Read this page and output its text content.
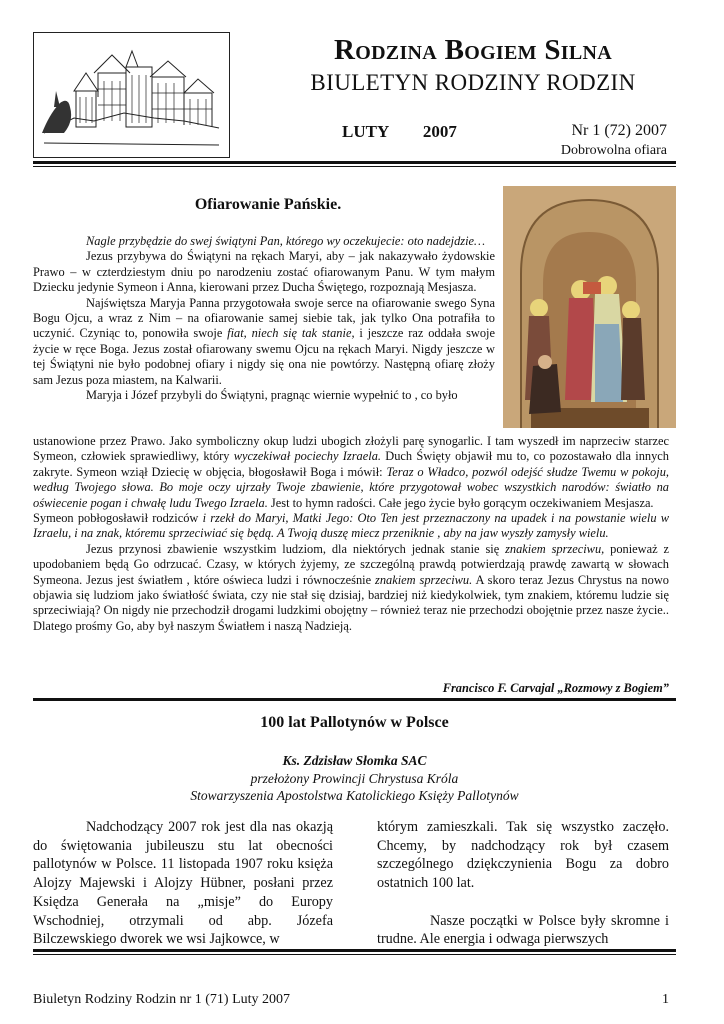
Rodzina Bogiem Silna
BIULETYN RODZINY RODZIN
LUTY 2007	Nr 1 (72) 2007
Dobrowolna ofiara
Ofiarowanie Pańskie.

Nagle przybędzie do swej świątyni Pan, którego wy oczekujecie: oto nadejdzie…

Jezus przybywa do Świątyni na rękach Maryi, aby – jak nakazywało żydowskie Prawo – w czterdziestym dniu po narodzeniu zostać ofiarowanym Panu. W tym małym Dziecku jedynie Symeon i Anna, kierowani przez Ducha Świętego, rozpoznają Mesjasza.

Najświętsza Maryja Panna przygotowała swoje serce na ofiarowanie swego Syna Bogu Ojcu, a wraz z Nim – na ofiarowanie samej siebie tak, jak tylko Ona potrafiła to uczynić. Czyniąc to, ponowiła swoje fiat, niech się tak stanie, i jeszcze raz oddała swoje życie w ręce Boga. Jezus został ofiarowany swemu Ojcu na rękach Maryi. Nigdy jeszcze w tej Świątyni nie było podobnej ofiary i nigdy się ona nie powtórzy. Następną ofiarę złoży sam Jezus poza miastem, na Kalwarii.

Maryja i Józef przybyli do Świątyni, pragnąc wiernie wypełnić to , co było

ustanowione przez Prawo. Jako symboliczny okup ludzi ubogich złożyli parę synogarlic. I tam wyszedł im naprzeciw starzec Symeon, człowiek sprawiedliwy, który wyczekiwał pociechy Izraela. Duch Święty objawił mu to, co pozostawało dla innych zakryte. Symeon wziął Dziecię w objęcia, błogosławił Boga i mówił: Teraz o Władco, pozwól odejść słudze Twemu w pokoju, według Twojego słowa. Bo moje oczy ujrzały Twoje zbawienie, które przygotował wobec wszystkich narodów: światło na oświecenie pogan i chwałę ludu Twego Izraela. Jest to hymn radości. Całe jego życie było gorącym oczekiwaniem Mesjasza.

Symeon pobłogosławił rodziców i rzekł do Maryi, Matki Jego: Oto Ten jest przeznaczony na upadek i na powstanie wielu w Izraelu, i na znak, któremu sprzeciwiać się będą. A Twoją duszę miecz przeniknie , aby na jaw wyszły zamysły wielu.

Jezus przynosi zbawienie wszystkim ludziom, dla niektórych jednak stanie się znakiem sprzeciwu, ponieważ z upodobaniem będą Go odrzucać. Czasy, w których żyjemy, ze szczególną prawdą potwierdzają prawdę zawartą w słowach Symeona. Jezus jest światłem , które oświeca ludzi i równocześnie znakiem sprzeciwu. A skoro teraz Jezus Chrystus na nowo objawia się ludziom jako światłość świata, czy nie stał się dzisiaj, bardziej niż kiedykolwiek, tym znakiem, któremu ludzie się sprzeciwiają? On nigdy nie przechodził drogami ludzkimi obojętny – również teraz nie przechodzi obojętnie przez nasze życie.. Dlatego prośmy Go, aby był naszym Światłem i naszą Nadzieją.

Francisco F. Carvajal „Rozmowy z Bogiem”
100 lat Pallotynów w Polsce
Ks. Zdzisław Słomka SAC
przełożony Prowincji Chrystusa Króla
Stowarzyszenia Apostolstwa Katolickiego Księży Pallotynów

Nadchodzący 2007 rok jest dla nas okazją do świętowania jubileuszu stu lat obecności pallotynów w Polsce. 11 listopada 1907 roku księża Alojzy Majewski i Alojzy Hübner, posłani przez Księdza Generała na „misje” do Europy Wschodniej, otrzymali od abp. Józefa Bilczewskiego dworek we wsi Jajkowce, w

którym zamieszkali. Tak się wszystko zaczęło. Chcemy, by nadchodzący rok był czasem szczególnego dziękczynienia Bogu za dobro ostatnich 100 lat.

Nasze początki w Polsce były skromne i trudne. Ale energia i odwaga pierwszych

Biuletyn Rodziny Rodzin nr 1 (71) Luty 2007	1
